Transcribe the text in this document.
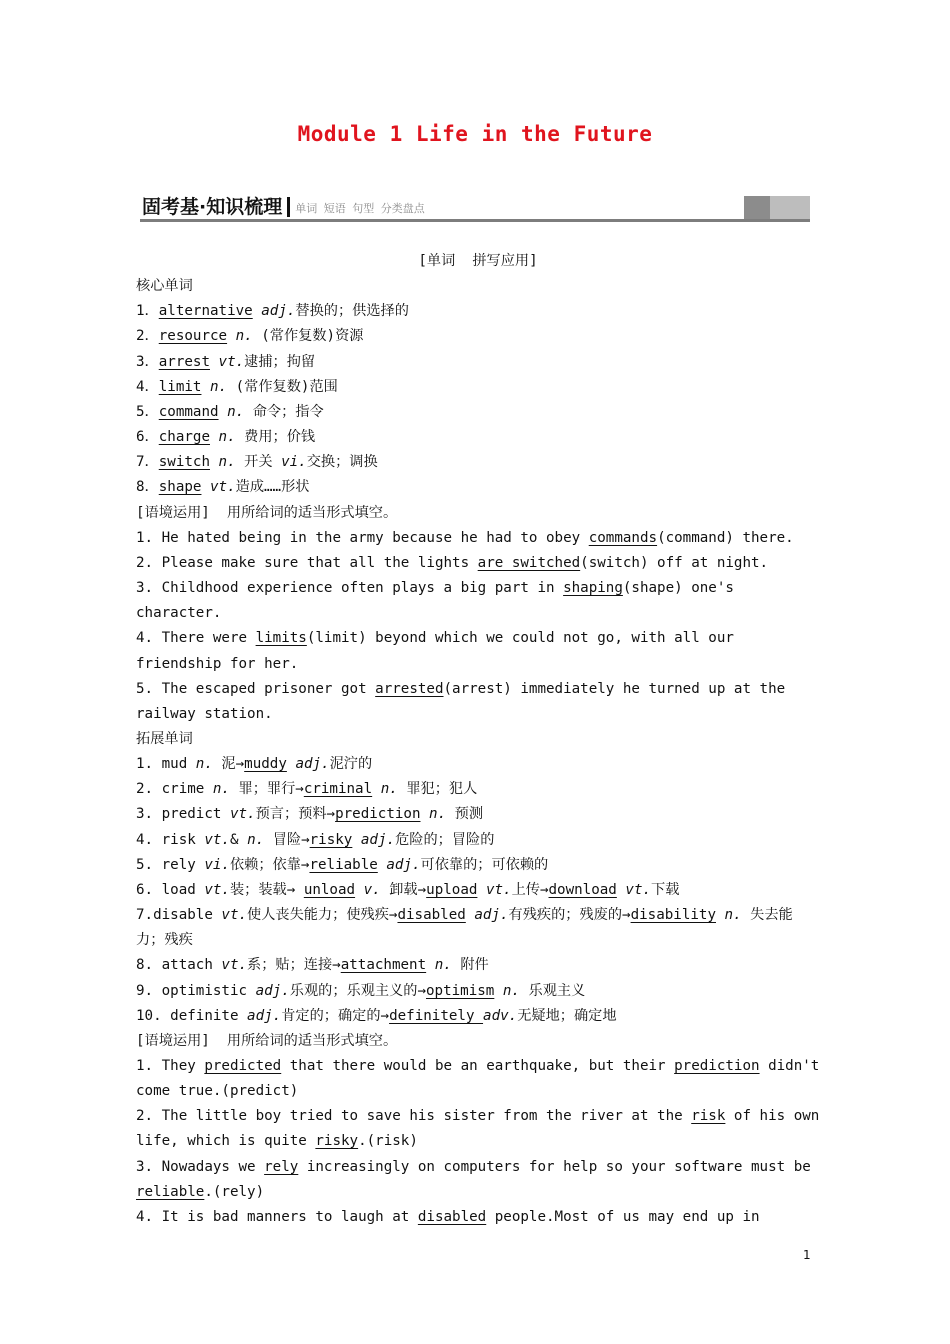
Module 1 Life in the Future
固考基·知识梳理 单词 短语 句型 分类盘点
[单词  拼写应用]
核心单词
1．alternative adj.替换的；供选择的
2．resource n. (常作复数)资源
3．arrest vt.逮捕；拘留
4．limit n. (常作复数)范围
5．command n. 命令；指令
6．charge n. 费用；价钱
7．switch n. 开关 vi.交换；调换
8．shape vt.造成……形状
[语境运用]  用所给词的适当形式填空。
1. He hated being in the army because he had to obey commands(command) there.
2. Please make sure that all the lights are switched(switch) off at night.
3. Childhood experience often plays a big part in shaping(shape) one's character.
4. There were limits(limit) beyond which we could not go, with all our friendship for her.
5. The escaped prisoner got arrested(arrest) immediately he turned up at the railway station.
拓展单词
1. mud n. 泥→muddy adj.泥泞的
2. crime n. 罪；罪行→criminal n. 罪犯；犯人
3. predict vt.预言；预料→prediction n. 预测
4. risk vt.& n. 冒险→risky adj.危险的；冒险的
5. rely vi.依赖；依靠→reliable adj.可依靠的；可依赖的
6. load vt.装；装载→ unload v. 卸载→upload vt.上传→download vt.下载
7.disable vt.使人丧失能力；使残疾→disabled adj.有残疾的；残废的→disability n. 失去能力；残疾
8. attach vt.系；贴；连接→attachment n. 附件
9. optimistic adj.乐观的；乐观主义的→optimism n. 乐观主义
10. definite adj.肯定的；确定的→definitely adv.无疑地；确定地
[语境运用]  用所给词的适当形式填空。
1. They predicted that there would be an earthquake, but their prediction didn't come true.(predict)
2. The little boy tried to save his sister from the river at the risk of his own life, which is quite risky.(risk)
3. Nowadays we rely increasingly on computers for help so your software must be reliable.(rely)
4. It is bad manners to laugh at disabled people.Most of us may end up in
1
